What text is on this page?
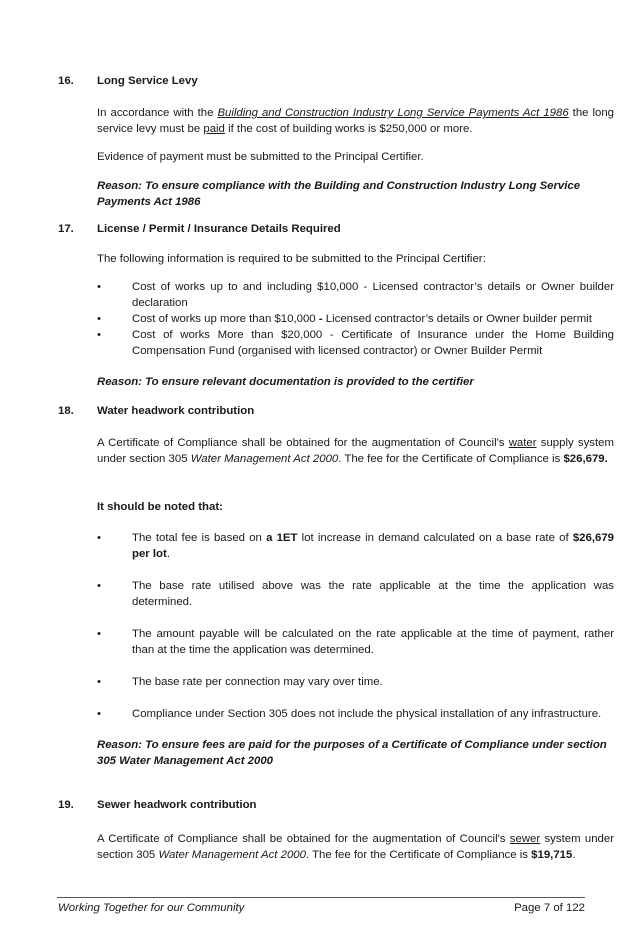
16. Long Service Levy
In accordance with the Building and Construction Industry Long Service Payments Act 1986 the long service levy must be paid if the cost of building works is $250,000 or more.
Evidence of payment must be submitted to the Principal Certifier.
Reason: To ensure compliance with the Building and Construction Industry Long Service Payments Act 1986
17. License / Permit / Insurance Details Required
The following information is required to be submitted to the Principal Certifier:
•	Cost of works up to and including $10,000 - Licensed contractor’s details or Owner builder declaration
•	Cost of works up more than $10,000 - Licensed contractor’s details or Owner builder permit
•	Cost of works More than $20,000 - Certificate of Insurance under the Home Building Compensation Fund (organised with licensed contractor) or Owner Builder Permit
Reason: To ensure relevant documentation is provided to the certifier
18. Water headwork contribution
A Certificate of Compliance shall be obtained for the augmentation of Council's water supply system under section 305 Water Management Act 2000. The fee for the Certificate of Compliance is $26,679.
It should be noted that:
•	The total fee is based on a 1ET lot increase in demand calculated on a base rate of $26,679 per lot.
•	The base rate utilised above was the rate applicable at the time the application was determined.
•	The amount payable will be calculated on the rate applicable at the time of payment, rather than at the time the application was determined.
•	The base rate per connection may vary over time.
•	Compliance under Section 305 does not include the physical installation of any infrastructure.
Reason: To ensure fees are paid for the purposes of a Certificate of Compliance under section 305 Water Management Act 2000
19. Sewer headwork contribution
A Certificate of Compliance shall be obtained for the augmentation of Council's sewer system under section 305 Water Management Act 2000. The fee for the Certificate of Compliance is $19,715.
Working Together for our Community	Page 7 of 122
